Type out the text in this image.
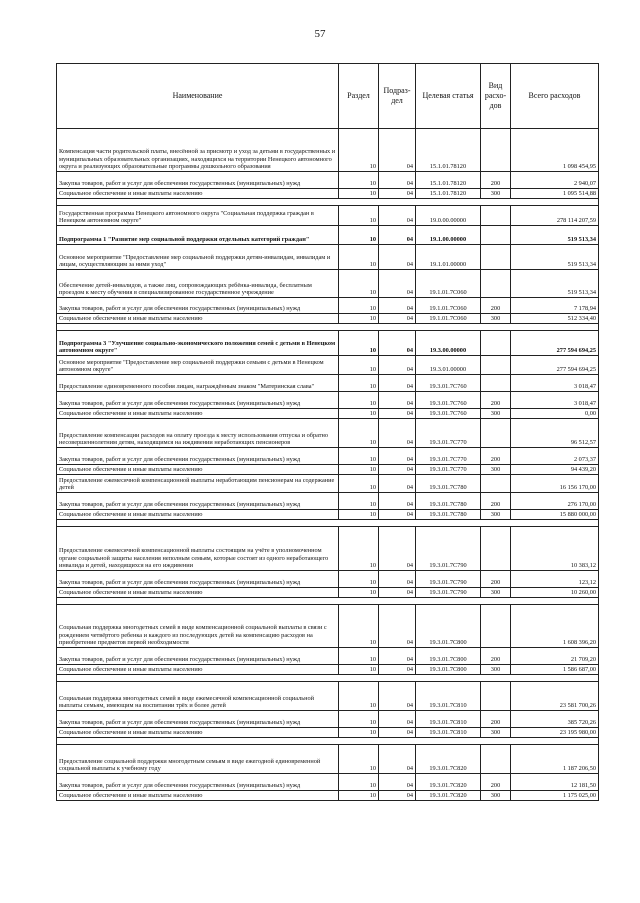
57
Наименование	Раздел	Подраз-дел	Целевая статья	Вид расхо-дов	Всего расходов
Компенсация части родительской платы, внесённой за присмотр и уход за детьми в государственных и муниципальных образовательных организациях, находящихся на территории Ненецкого автономного округа и реализующих образовательные программы дошкольного образования	10	04	15.1.01.78120		1 098 454,95
Закупка товаров, работ и услуг для обеспечения государственных (муниципальных) нужд	10	04	15.1.01.78120	200	2 940,07
Социальное обеспечение и иные выплаты населению	10	04	15.1.01.78120	300	1 095 514,88

Государственная программа Ненецкого автономного округа "Социальная поддержка граждан в Ненецком автономном округе"	10	04	19.0.00.00000		278 114 207,59
Подпрограмма 1 "Развитие мер социальной поддержки отдельных категорий граждан"	10	04	19.1.00.00000		519 513,34
Основное мероприятие "Предоставление мер социальной поддержки детям-инвалидам, инвалидам и лицам, осуществляющим за ними уход"	10	04	19.1.01.00000		519 513,34
Обеспечение детей-инвалидов, а также лиц, сопровождающих ребёнка-инвалида, бесплатным проездом к месту обучения в специализированное государственное учреждение	10	04	19.1.01.7С060		519 513,34
Закупка товаров, работ и услуг для обеспечения государственных (муниципальных) нужд	10	04	19.1.01.7С060	200	7 178,94
Социальное обеспечение и иные выплаты населению	10	04	19.1.01.7С060	300	512 334,40

Подпрограмма 3 "Улучшение социально-экономического положения семей с детьми в Ненецком автономном округе"	10	04	19.3.00.00000		277 594 694,25
Основное мероприятие "Предоставление мер социальной поддержки семьям с детьми в Ненецком автономном округе"	10	04	19.3.01.00000		277 594 694,25
Предоставление единовременного пособия лицам, награждённым знаком "Материнская слава"	10	04	19.3.01.7С760		3 018,47
Закупка товаров, работ и услуг для обеспечения государственных (муниципальных) нужд	10	04	19.3.01.7С760	200	3 018,47
Социальное обеспечение и иные выплаты населению	10	04	19.3.01.7С760	300	0,00
Предоставление компенсации расходов на оплату проезда к месту использования отпуска и обратно несовершеннолетним детям, находящимся на иждивении неработающих пенсионеров	10	04	19.3.01.7С770		96 512,57
Закупка товаров, работ и услуг для обеспечения государственных (муниципальных) нужд	10	04	19.3.01.7С770	200	2 073,37
Социальное обеспечение и иные выплаты населению	10	04	19.3.01.7С770	300	94 439,20
Предоставление ежемесячной компенсационной выплаты неработающим пенсионерам на содержание детей	10	04	19.3.01.7С780		16 156 170,00
Закупка товаров, работ и услуг для обеспечения государственных (муниципальных) нужд	10	04	19.3.01.7С780	200	276 170,00
Социальное обеспечение и иные выплаты населению	10	04	19.3.01.7С780	300	15 880 000,00

Предоставление ежемесячной компенсационной выплаты состоящим на учёте в уполномоченном органе социальной защиты населения неполным семьям, которые состоят из одного неработающего инвалида и детей, находящихся на его иждивении	10	04	19.3.01.7С790		10 383,12
Закупка товаров, работ и услуг для обеспечения государственных (муниципальных) нужд	10	04	19.3.01.7С790	200	123,12
Социальное обеспечение и иные выплаты населению	10	04	19.3.01.7С790	300	10 260,00

Социальная поддержка многодетных семей в виде компенсационной социальной выплаты в связи с рождением четвёртого ребенка и каждого из последующих детей на компенсацию расходов на приобретение предметов первой необходимости	10	04	19.3.01.7С800		1 608 396,20
Закупка товаров, работ и услуг для обеспечения государственных (муниципальных) нужд	10	04	19.3.01.7С800	200	21 709,20
Социальное обеспечение и иные выплаты населению	10	04	19.3.01.7С800	300	1 586 687,00

Социальная поддержка многодетных семей в виде ежемесячной компенсационной социальной выплаты семьям, имеющим на воспитании трёх и более детей	10	04	19.3.01.7С810		23 581 700,26
Закупка товаров, работ и услуг для обеспечения государственных (муниципальных) нужд	10	04	19.3.01.7С810	200	385 720,26
Социальное обеспечение и иные выплаты населению	10	04	19.3.01.7С810	300	23 195 980,00

Предоставление социальной поддержки многодетным семьям в виде ежегодной единовременной социальной выплаты к учебному году	10	04	19.3.01.7С820		1 187 206,50
Закупка товаров, работ и услуг для обеспечения государственных (муниципальных) нужд	10	04	19.3.01.7С820	200	12 181,50
Социальное обеспечение и иные выплаты населению	10	04	19.3.01.7С820	300	1 175 025,00
